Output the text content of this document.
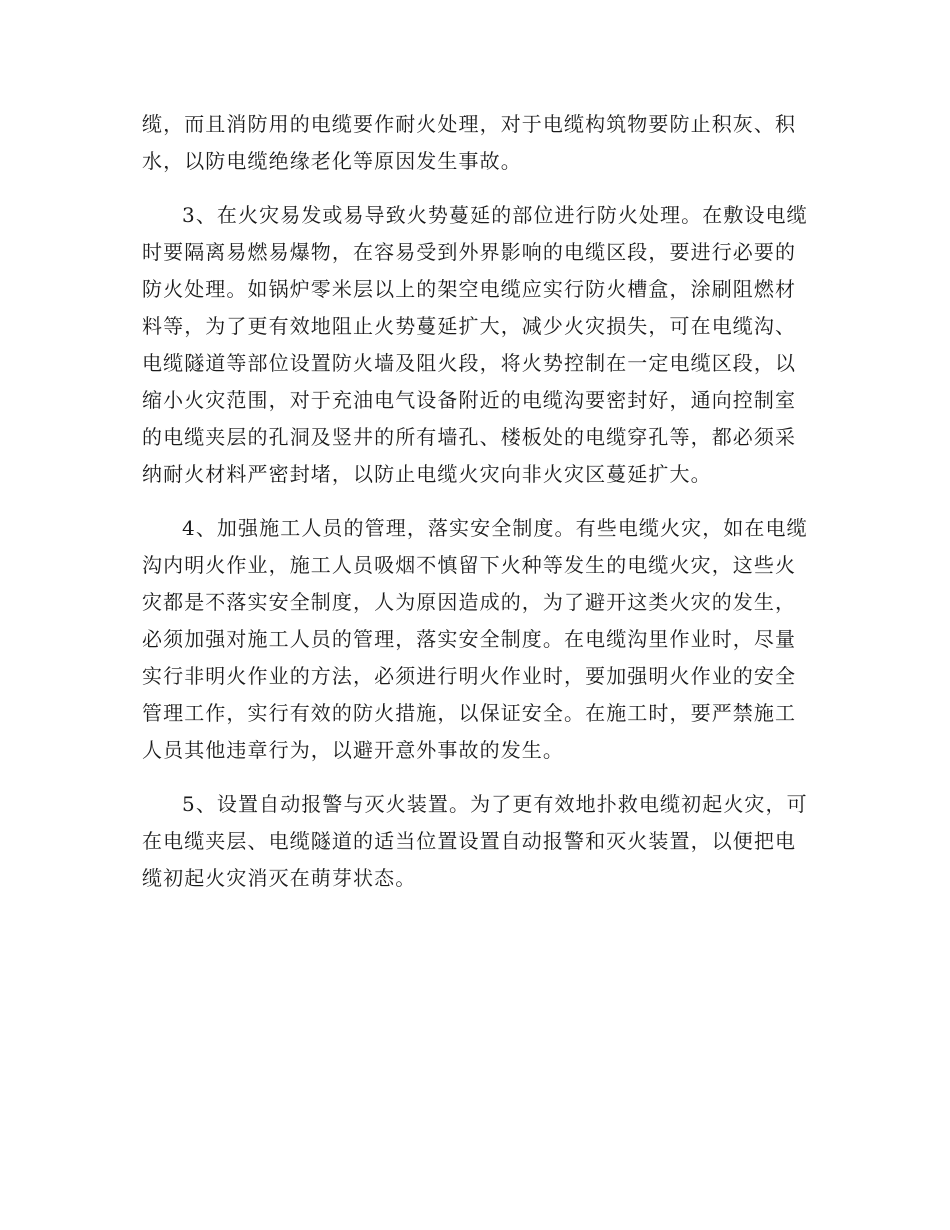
缆，而且消防用的电缆要作耐火处理，对于电缆构筑物要防止积灰、积水，以防电缆绝缘老化等原因发生事故。

3、在火灾易发或易导致火势蔓延的部位进行防火处理。在敷设电缆时要隔离易燃易爆物，在容易受到外界影响的电缆区段，要进行必要的防火处理。如锅炉零米层以上的架空电缆应实行防火槽盒，涂刷阻燃材料等，为了更有效地阻止火势蔓延扩大，减少火灾损失，可在电缆沟、电缆隧道等部位设置防火墙及阻火段，将火势控制在一定电缆区段，以缩小火灾范围，对于充油电气设备附近的电缆沟要密封好，通向控制室的电缆夹层的孔洞及竖井的所有墙孔、楼板处的电缆穿孔等，都必须采纳耐火材料严密封堵，以防止电缆火灾向非火灾区蔓延扩大。

4、加强施工人员的管理，落实安全制度。有些电缆火灾，如在电缆沟内明火作业，施工人员吸烟不慎留下火种等发生的电缆火灾，这些火灾都是不落实安全制度，人为原因造成的，为了避开这类火灾的发生，必须加强对施工人员的管理，落实安全制度。在电缆沟里作业时，尽量实行非明火作业的方法，必须进行明火作业时，要加强明火作业的安全管理工作，实行有效的防火措施，以保证安全。在施工时，要严禁施工人员其他违章行为，以避开意外事故的发生。

5、设置自动报警与灭火装置。为了更有效地扑救电缆初起火灾，可在电缆夹层、电缆隧道的适当位置设置自动报警和灭火装置，以便把电缆初起火灾消灭在萌芽状态。
